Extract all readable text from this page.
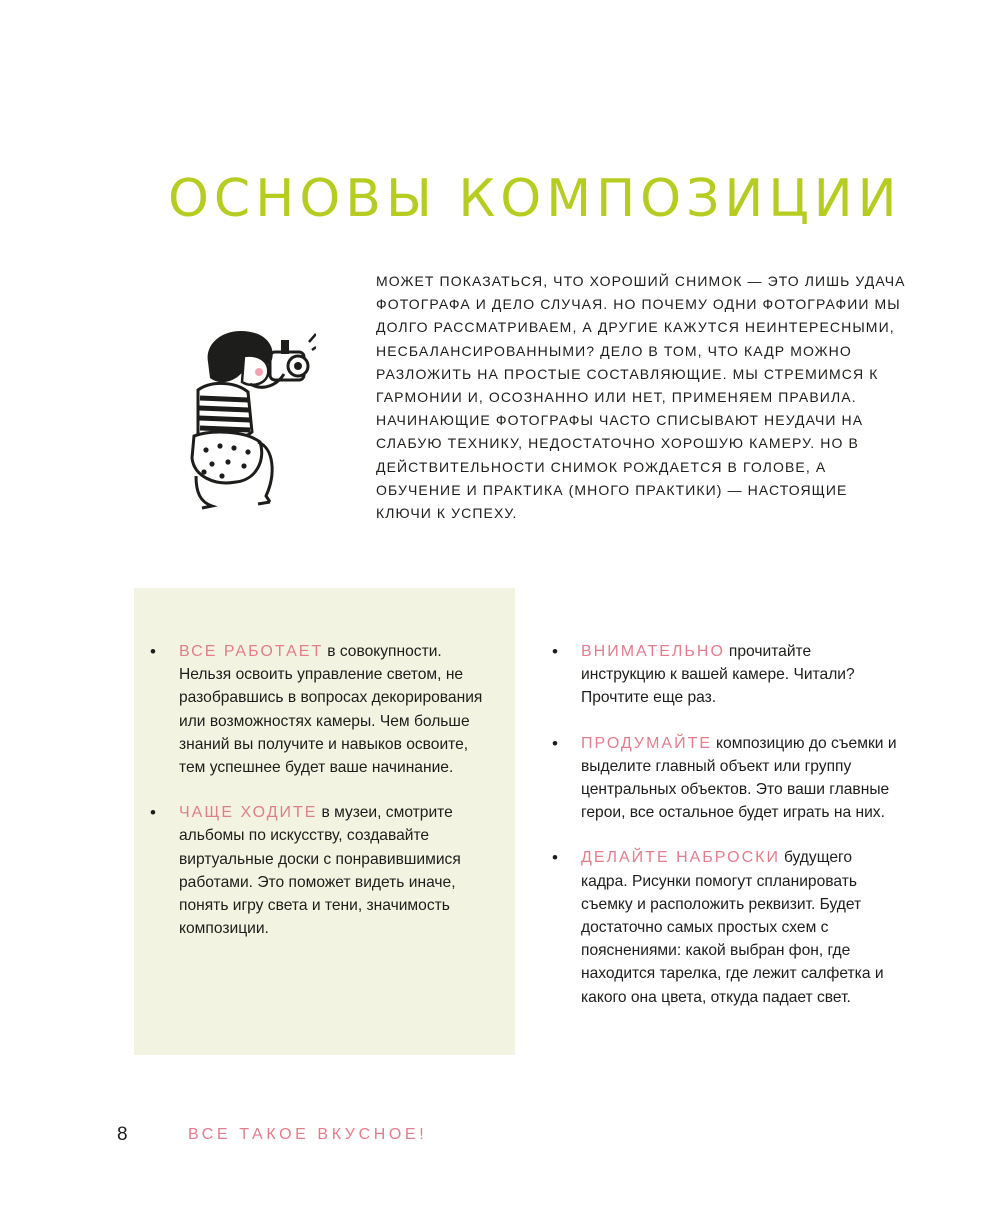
ОСНОВЫ КОМПОЗИЦИИ

МОЖЕТ ПОКАЗАТЬСЯ, ЧТО ХОРОШИЙ СНИМОК — ЭТО ЛИШЬ УДАЧА ФОТОГРАФА И ДЕЛО СЛУЧАЯ. НО ПОЧЕМУ ОДНИ ФОТОГРАФИИ МЫ ДОЛГО РАССМАТРИВАЕМ, А ДРУГИЕ КАЖУТСЯ НЕИНТЕРЕСНЫМИ, НЕСБАЛАНСИРОВАННЫМИ? ДЕЛО В ТОМ, ЧТО КАДР МОЖНО РАЗЛОЖИТЬ НА ПРОСТЫЕ СОСТАВЛЯЮЩИЕ. МЫ СТРЕМИМСЯ К ГАРМОНИИ И, ОСОЗНАННО ИЛИ НЕТ, ПРИМЕНЯЕМ ПРАВИЛА. НАЧИНАЮЩИЕ ФОТОГРАФЫ ЧАСТО СПИСЫВАЮТ НЕУДАЧИ НА СЛАБУЮ ТЕХНИКУ, НЕДОСТАТОЧНО ХОРОШУЮ КАМЕРУ. НО В ДЕЙСТВИТЕЛЬНОСТИ СНИМОК РОЖДАЕТСЯ В ГОЛОВЕ, А ОБУЧЕНИЕ И ПРАКТИКА (МНОГО ПРАКТИКИ) — НАСТОЯЩИЕ КЛЮЧИ К УСПЕХУ.

• ВСЕ РАБОТАЕТ в совокупности. Нельзя освоить управление светом, не разобравшись в вопросах декорирования или возможностях камеры. Чем больше знаний вы получите и навыков освоите, тем успешнее будет ваше начинание.
• ЧАЩЕ ХОДИТЕ в музеи, смотрите альбомы по искусству, создавайте виртуальные доски с понравившимися работами. Это поможет видеть иначе, понять игру света и тени, значимость композиции.
• ВНИМАТЕЛЬНО прочитайте инструкцию к вашей камере. Читали? Прочтите еще раз.
• ПРОДУМАЙТЕ композицию до съемки и выделите главный объект или группу центральных объектов. Это ваши главные герои, все остальное будет играть на них.
• ДЕЛАЙТЕ НАБРОСКИ будущего кадра. Рисунки помогут спланировать съемку и расположить реквизит. Будет достаточно самых простых схем с пояснениями: какой выбран фон, где находится тарелка, где лежит салфетка и какого она цвета, откуда падает свет.
8	ВСЕ ТАКОЕ ВКУСНОЕ!
